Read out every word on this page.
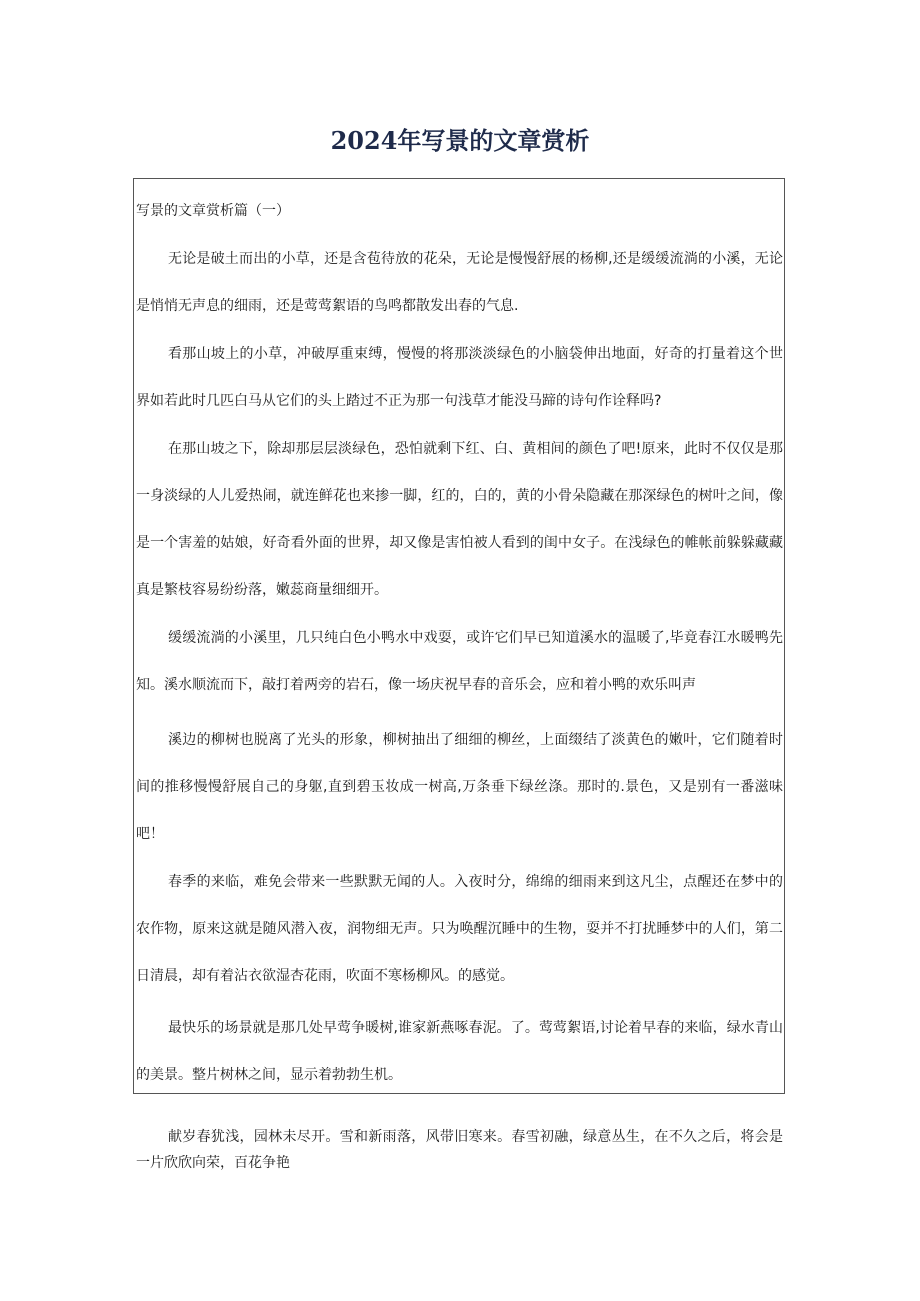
2024年写景的文章赏析

写景的文章赏析篇（一）

无论是破土而出的小草，还是含苞待放的花朵，无论是慢慢舒展的杨柳,还是缓缓流淌的小溪，无论是悄悄无声息的细雨，还是莺莺絮语的鸟鸣都散发出春的气息.

看那山坡上的小草，冲破厚重束缚，慢慢的将那淡淡绿色的小脑袋伸出地面，好奇的打量着这个世界如若此时几匹白马从它们的头上踏过不正为那一句浅草才能没马蹄的诗句作诠释吗?

在那山坡之下，除却那层层淡绿色，恐怕就剩下红、白、黄相间的颜色了吧!原来，此时不仅仅是那一身淡绿的人儿爱热闹，就连鲜花也来掺一脚，红的，白的，黄的小骨朵隐藏在那深绿色的树叶之间，像是一个害羞的姑娘，好奇看外面的世界，却又像是害怕被人看到的闺中女子。在浅绿色的帷帐前躲躲藏藏真是繁枝容易纷纷落，嫩蕊商量细细开。

缓缓流淌的小溪里，几只纯白色小鸭水中戏耍，或许它们早已知道溪水的温暖了,毕竟春江水暖鸭先知。溪水顺流而下，敲打着两旁的岩石，像一场庆祝早春的音乐会，应和着小鸭的欢乐叫声

溪边的柳树也脱离了光头的形象，柳树抽出了细细的柳丝，上面缀结了淡黄色的嫩叶，它们随着时间的推移慢慢舒展自己的身躯,直到碧玉妆成一树高,万条垂下绿丝涤。那时的.景色，又是别有一番滋味吧！

春季的来临，难免会带来一些默默无闻的人。入夜时分，绵绵的细雨来到这凡尘，点醒还在梦中的农作物，原来这就是随风潜入夜，润物细无声。只为唤醒沉睡中的生物，耍并不打扰睡梦中的人们，第二日清晨，却有着沾衣欲湿杏花雨，吹面不寒杨柳风。的感觉。

最快乐的场景就是那几处早莺争暖树,谁家新燕啄春泥。了。莺莺絮语,讨论着早春的来临，绿水青山的美景。整片树林之间，显示着勃勃生机。

献岁春犹浅，园林未尽开。雪和新雨落，风带旧寒来。春雪初融，绿意丛生，在不久之后，将会是一片欣欣向荣，百花争艳
